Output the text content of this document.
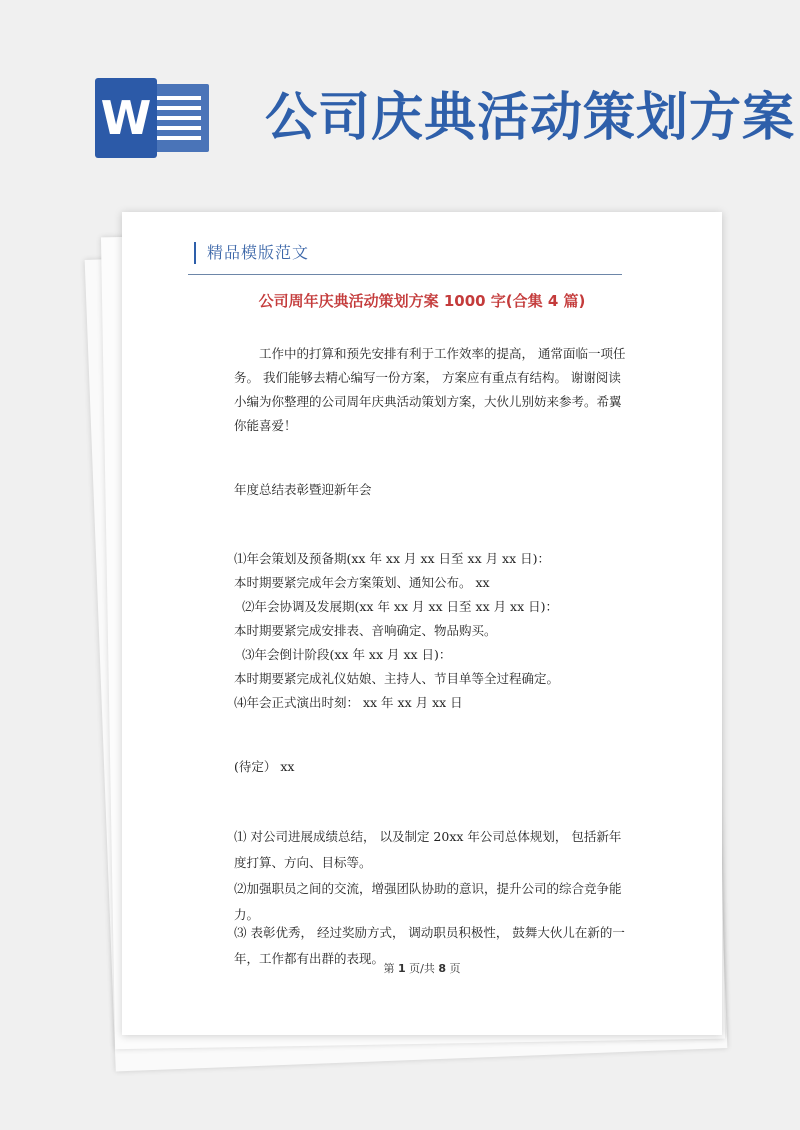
W 公司庆典活动策划方案
精品模版范文
公司周年庆典活动策划方案 1000 字(合集 4 篇)
工作中的打算和预先安排有利于工作效率的提高， 通常面临一项任务。 我们能够去精心编写一份方案， 方案应有重点有结构。 谢谢阅读小编为你整理的公司周年庆典活动策划方案，大伙儿别妨来参考。希翼你能喜爱！
年度总结表彰暨迎新年会
⑴年会策划及预备期(xx 年 xx 月 xx 日至 xx 月 xx 日)：
本时期要紧完成年会方案策划、通知公布。 xx
⑵年会协调及发展期(xx 年 xx 月 xx 日至 xx 月 xx 日)：
本时期要紧完成安排表、音响确定、物品购买。
⑶年会倒计阶段(xx 年 xx 月 xx 日)：
本时期要紧完成礼仪姑娘、主持人、节目单等全过程确定。
⑷年会正式演出时刻： xx 年 xx 月 xx 日
(待定） xx
⑴ 对公司进展成绩总结， 以及制定 20xx 年公司总体规划， 包括新年度打算、方向、目标等。
⑵加强职员之间的交流，增强团队协助的意识，提升公司的综合竞争能力。
⑶ 表彰优秀， 经过奖励方式， 调动职员积极性， 鼓舞大伙儿在新的一年，工作都有出群的表现。
第 1 页/共 8 页
